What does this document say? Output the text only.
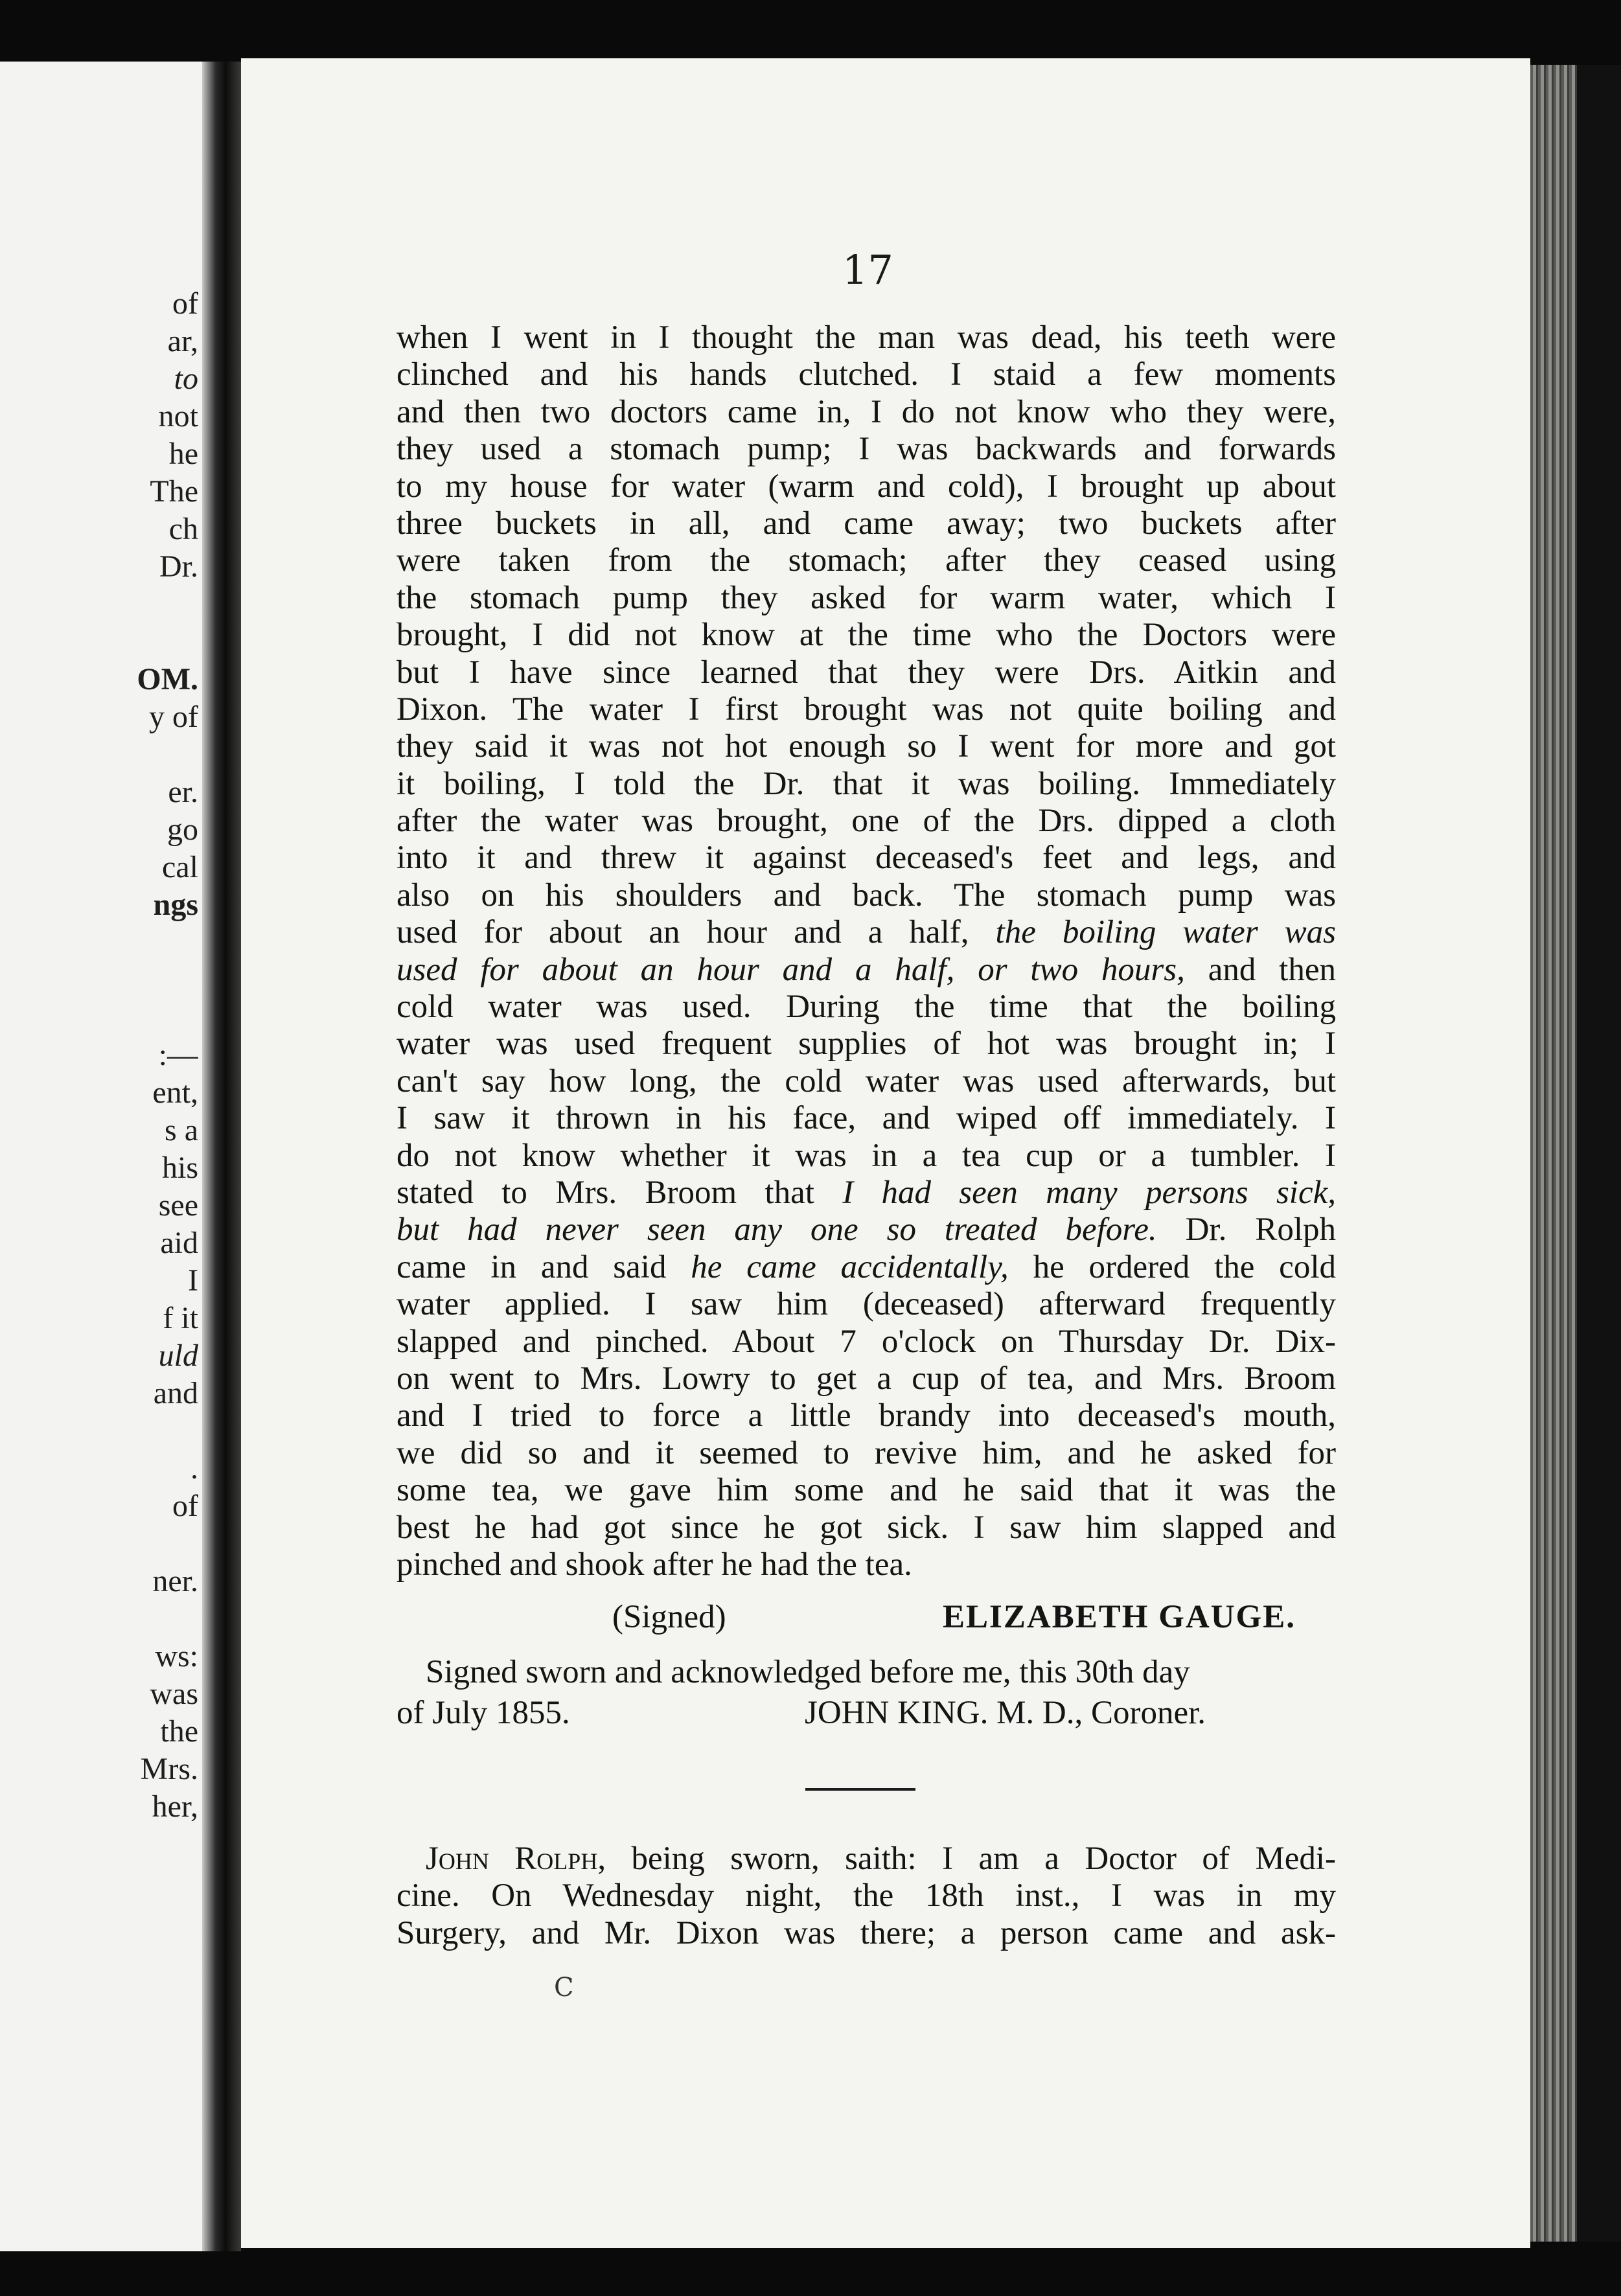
of
ar,
to
not
he
The
ch
Dr.
OM.
y of
er.
go
cal
ngs
:—
ent,
s a
his
see
aid
I
f it
uld
and
.
of
ner.
ws:
was
the
Mrs.
her,
17
when I went in I thought the man was dead, his teeth were
clinched and his hands clutched. I staid a few moments
and then two doctors came in, I do not know who they were,
they used a stomach pump; I was backwards and forwards
to my house for water (warm and cold), I brought up about
three buckets in all, and came away; two buckets after
were taken from the stomach; after they ceased using
the stomach pump they asked for warm water, which I
brought, I did not know at the time who the Doctors were
but I have since learned that they were Drs. Aitkin and
Dixon. The water I first brought was not quite boiling and
they said it was not hot enough so I went for more and got
it boiling, I told the Dr. that it was boiling. Immediately
after the water was brought, one of the Drs. dipped a cloth
into it and threw it against deceased's feet and legs, and
also on his shoulders and back. The stomach pump was
used for about an hour and a half, the boiling water was
used for about an hour and a half, or two hours, and then
cold water was used. During the time that the boiling
water was used frequent supplies of hot was brought in; I
can't say how long, the cold water was used afterwards, but
I saw it thrown in his face, and wiped off immediately. I
do not know whether it was in a tea cup or a tumbler. I
stated to Mrs. Broom that I had seen many persons sick,
but had never seen any one so treated before. Dr. Rolph
came in and said he came accidentally, he ordered the cold
water applied. I saw him (deceased) afterward frequently
slapped and pinched. About 7 o'clock on Thursday Dr. Dix-
on went to Mrs. Lowry to get a cup of tea, and Mrs. Broom
and I tried to force a little brandy into deceased's mouth,
we did so and it seemed to revive him, and he asked for
some tea, we gave him some and he said that it was the
best he had got since he got sick. I saw him slapped and
pinched and shook after he had the tea.
(Signed)	ELIZABETH GAUGE.
Signed sworn and acknowledged before me, this 30th day
of July 1855.	JOHN KING. M. D., Coroner.
John Rolph, being sworn, saith: I am a Doctor of Medi-
cine. On Wednesday night, the 18th inst., I was in my
Surgery, and Mr. Dixon was there; a person came and ask-
C
